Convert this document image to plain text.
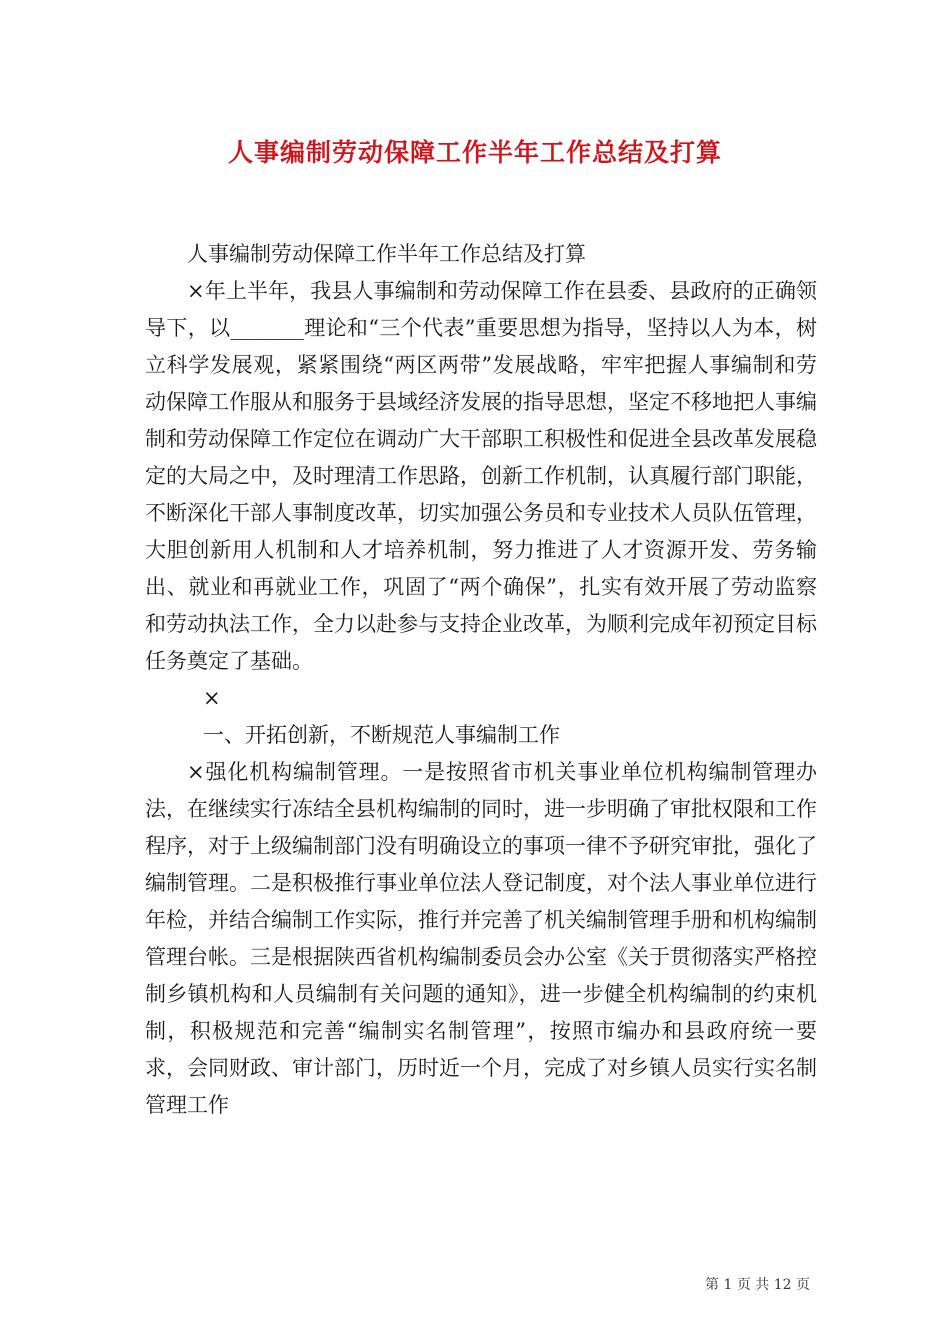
人事编制劳动保障工作半年工作总结及打算

人事编制劳动保障工作半年工作总结及打算

×年上半年，我县人事编制和劳动保障工作在县委、县政府的正确领导下，以_______理论和“三个代表”重要思想为指导，坚持以人为本，树立科学发展观，紧紧围绕“两区两带”发展战略，牢牢把握人事编制和劳动保障工作服从和服务于县域经济发展的指导思想，坚定不移地把人事编制和劳动保障工作定位在调动广大干部职工积极性和促进全县改革发展稳定的大局之中，及时理清工作思路，创新工作机制，认真履行部门职能，不断深化干部人事制度改革，切实加强公务员和专业技术人员队伍管理，大胆创新用人机制和人才培养机制，努力推进了人才资源开发、劳务输出、就业和再就业工作，巩固了“两个确保”，扎实有效开展了劳动监察和劳动执法工作，全力以赴参与支持企业改革，为顺利完成年初预定目标任务奠定了基础。

×

一、开拓创新，不断规范人事编制工作

×强化机构编制管理。一是按照省市机关事业单位机构编制管理办法，在继续实行冻结全县机构编制的同时，进一步明确了审批权限和工作程序，对于上级编制部门没有明确设立的事项一律不予研究审批，强化了编制管理。二是积极推行事业单位法人登记制度，对个法人事业单位进行年检，并结合编制工作实际，推行并完善了机关编制管理手册和机构编制管理台帐。三是根据陕西省机构编制委员会办公室《关于贯彻落实严格控制乡镇机构和人员编制有关问题的通知》，进一步健全机构编制的约束机制，积极规范和完善“编制实名制管理”，按照市编办和县政府统一要求，会同财政、审计部门，历时近一个月，完成了对乡镇人员实行实名制管理工作

第 1 页 共 12 页
